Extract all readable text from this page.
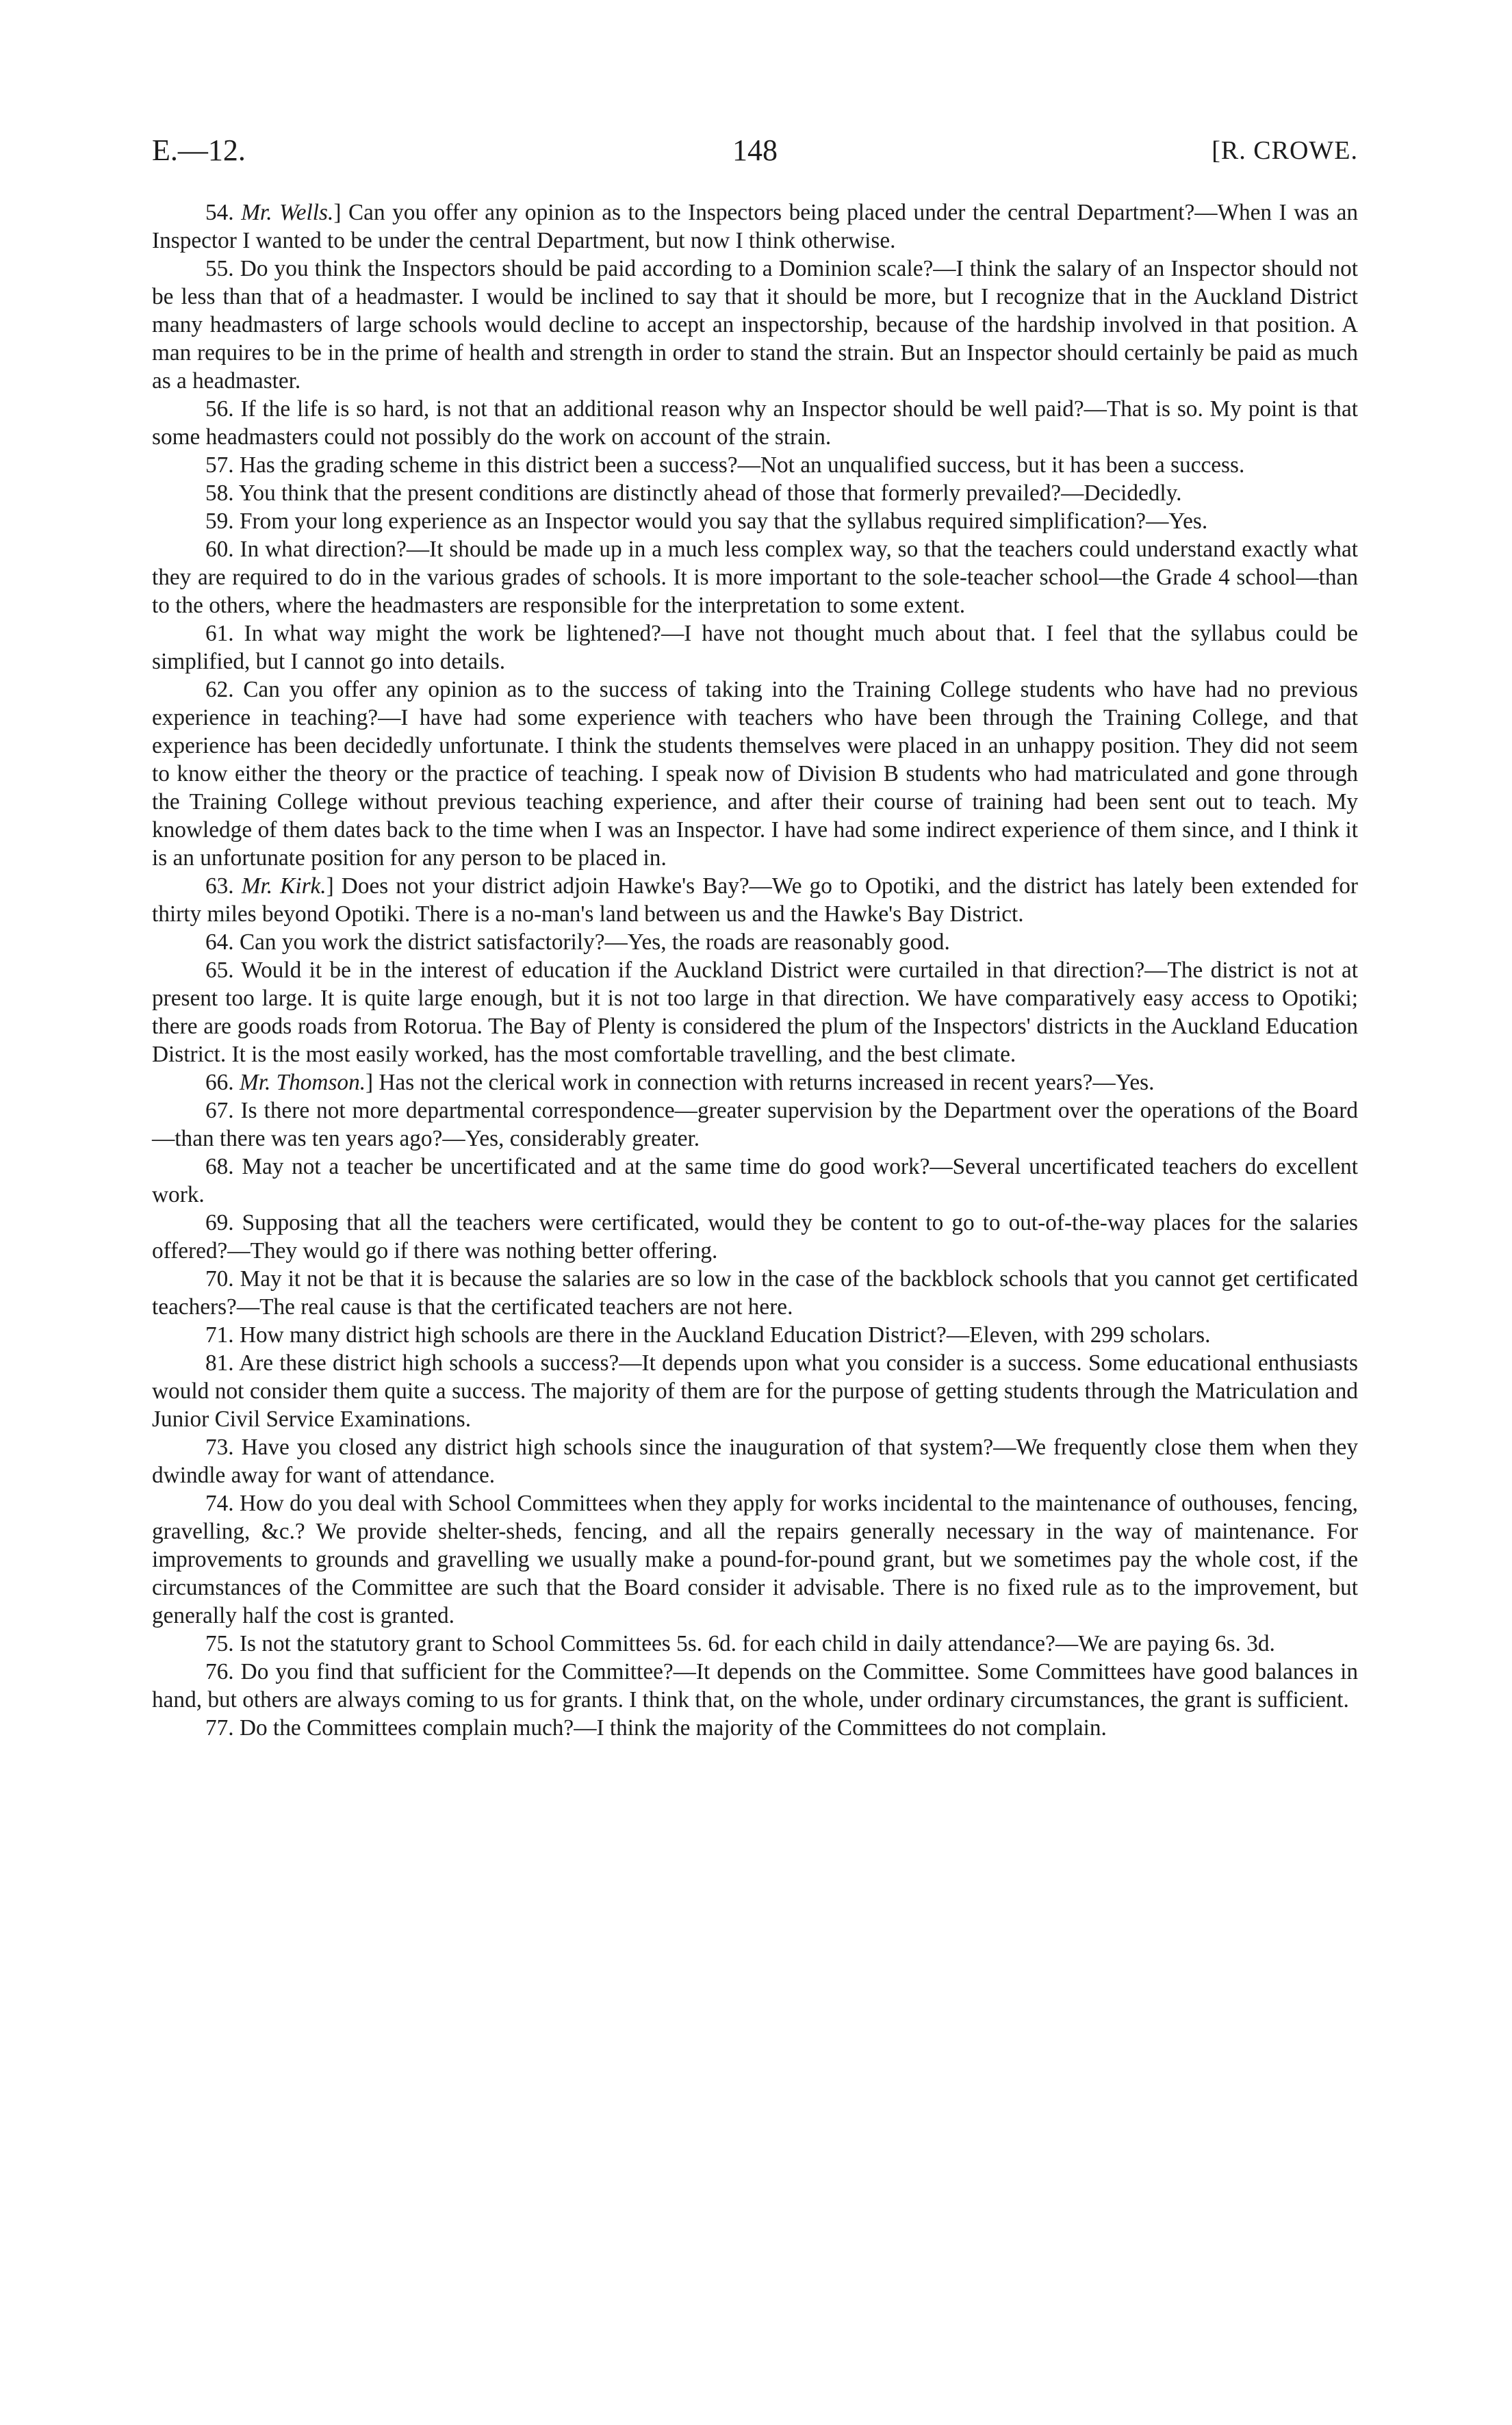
E.—12.	148	[R. CROWE.

54. Mr. Wells.] Can you offer any opinion as to the Inspectors being placed under the central Department?—When I was an Inspector I wanted to be under the central Department, but now I think otherwise.

55. Do you think the Inspectors should be paid according to a Dominion scale?—I think the salary of an Inspector should not be less than that of a headmaster. I would be inclined to say that it should be more, but I recognize that in the Auckland District many headmasters of large schools would decline to accept an inspectorship, because of the hardship involved in that position. A man requires to be in the prime of health and strength in order to stand the strain. But an Inspector should certainly be paid as much as a headmaster.

56. If the life is so hard, is not that an additional reason why an Inspector should be well paid?—That is so. My point is that some headmasters could not possibly do the work on account of the strain.

57. Has the grading scheme in this district been a success?—Not an unqualified success, but it has been a success.

58. You think that the present conditions are distinctly ahead of those that formerly prevailed?—Decidedly.

59. From your long experience as an Inspector would you say that the syllabus required simplification?—Yes.

60. In what direction?—It should be made up in a much less complex way, so that the teachers could understand exactly what they are required to do in the various grades of schools. It is more important to the sole-teacher school—the Grade 4 school—than to the others, where the headmasters are responsible for the interpretation to some extent.

61. In what way might the work be lightened?—I have not thought much about that. I feel that the syllabus could be simplified, but I cannot go into details.

62. Can you offer any opinion as to the success of taking into the Training College students who have had no previous experience in teaching?—I have had some experience with teachers who have been through the Training College, and that experience has been decidedly unfortunate. I think the students themselves were placed in an unhappy position. They did not seem to know either the theory or the practice of teaching. I speak now of Division B students who had matriculated and gone through the Training College without previous teaching experience, and after their course of training had been sent out to teach. My knowledge of them dates back to the time when I was an Inspector. I have had some indirect experience of them since, and I think it is an unfortunate position for any person to be placed in.

63. Mr. Kirk.] Does not your district adjoin Hawke's Bay?—We go to Opotiki, and the district has lately been extended for thirty miles beyond Opotiki. There is a no-man's land between us and the Hawke's Bay District.

64. Can you work the district satisfactorily?—Yes, the roads are reasonably good.

65. Would it be in the interest of education if the Auckland District were curtailed in that direction?—The district is not at present too large. It is quite large enough, but it is not too large in that direction. We have comparatively easy access to Opotiki; there are goods roads from Rotorua. The Bay of Plenty is considered the plum of the Inspectors' districts in the Auckland Education District. It is the most easily worked, has the most comfortable travelling, and the best climate.

66. Mr. Thomson.] Has not the clerical work in connection with returns increased in recent years?—Yes.

67. Is there not more departmental correspondence—greater supervision by the Department over the operations of the Board—than there was ten years ago?—Yes, considerably greater.

68. May not a teacher be uncertificated and at the same time do good work?—Several uncertificated teachers do excellent work.

69. Supposing that all the teachers were certificated, would they be content to go to out-of-the-way places for the salaries offered?—They would go if there was nothing better offering.

70. May it not be that it is because the salaries are so low in the case of the backblock schools that you cannot get certificated teachers?—The real cause is that the certificated teachers are not here.

71. How many district high schools are there in the Auckland Education District?—Eleven, with 299 scholars.

81. Are these district high schools a success?—It depends upon what you consider is a success. Some educational enthusiasts would not consider them quite a success. The majority of them are for the purpose of getting students through the Matriculation and Junior Civil Service Examinations.

73. Have you closed any district high schools since the inauguration of that system?—We frequently close them when they dwindle away for want of attendance.

74. How do you deal with School Committees when they apply for works incidental to the maintenance of outhouses, fencing, gravelling, &c.? We provide shelter-sheds, fencing, and all the repairs generally necessary in the way of maintenance. For improvements to grounds and gravelling we usually make a pound-for-pound grant, but we sometimes pay the whole cost, if the circumstances of the Committee are such that the Board consider it advisable. There is no fixed rule as to the improvement, but generally half the cost is granted.

75. Is not the statutory grant to School Committees 5s. 6d. for each child in daily attendance?—We are paying 6s. 3d.

76. Do you find that sufficient for the Committee?—It depends on the Committee. Some Committees have good balances in hand, but others are always coming to us for grants. I think that, on the whole, under ordinary circumstances, the grant is sufficient.

77. Do the Committees complain much?—I think the majority of the Committees do not complain.
